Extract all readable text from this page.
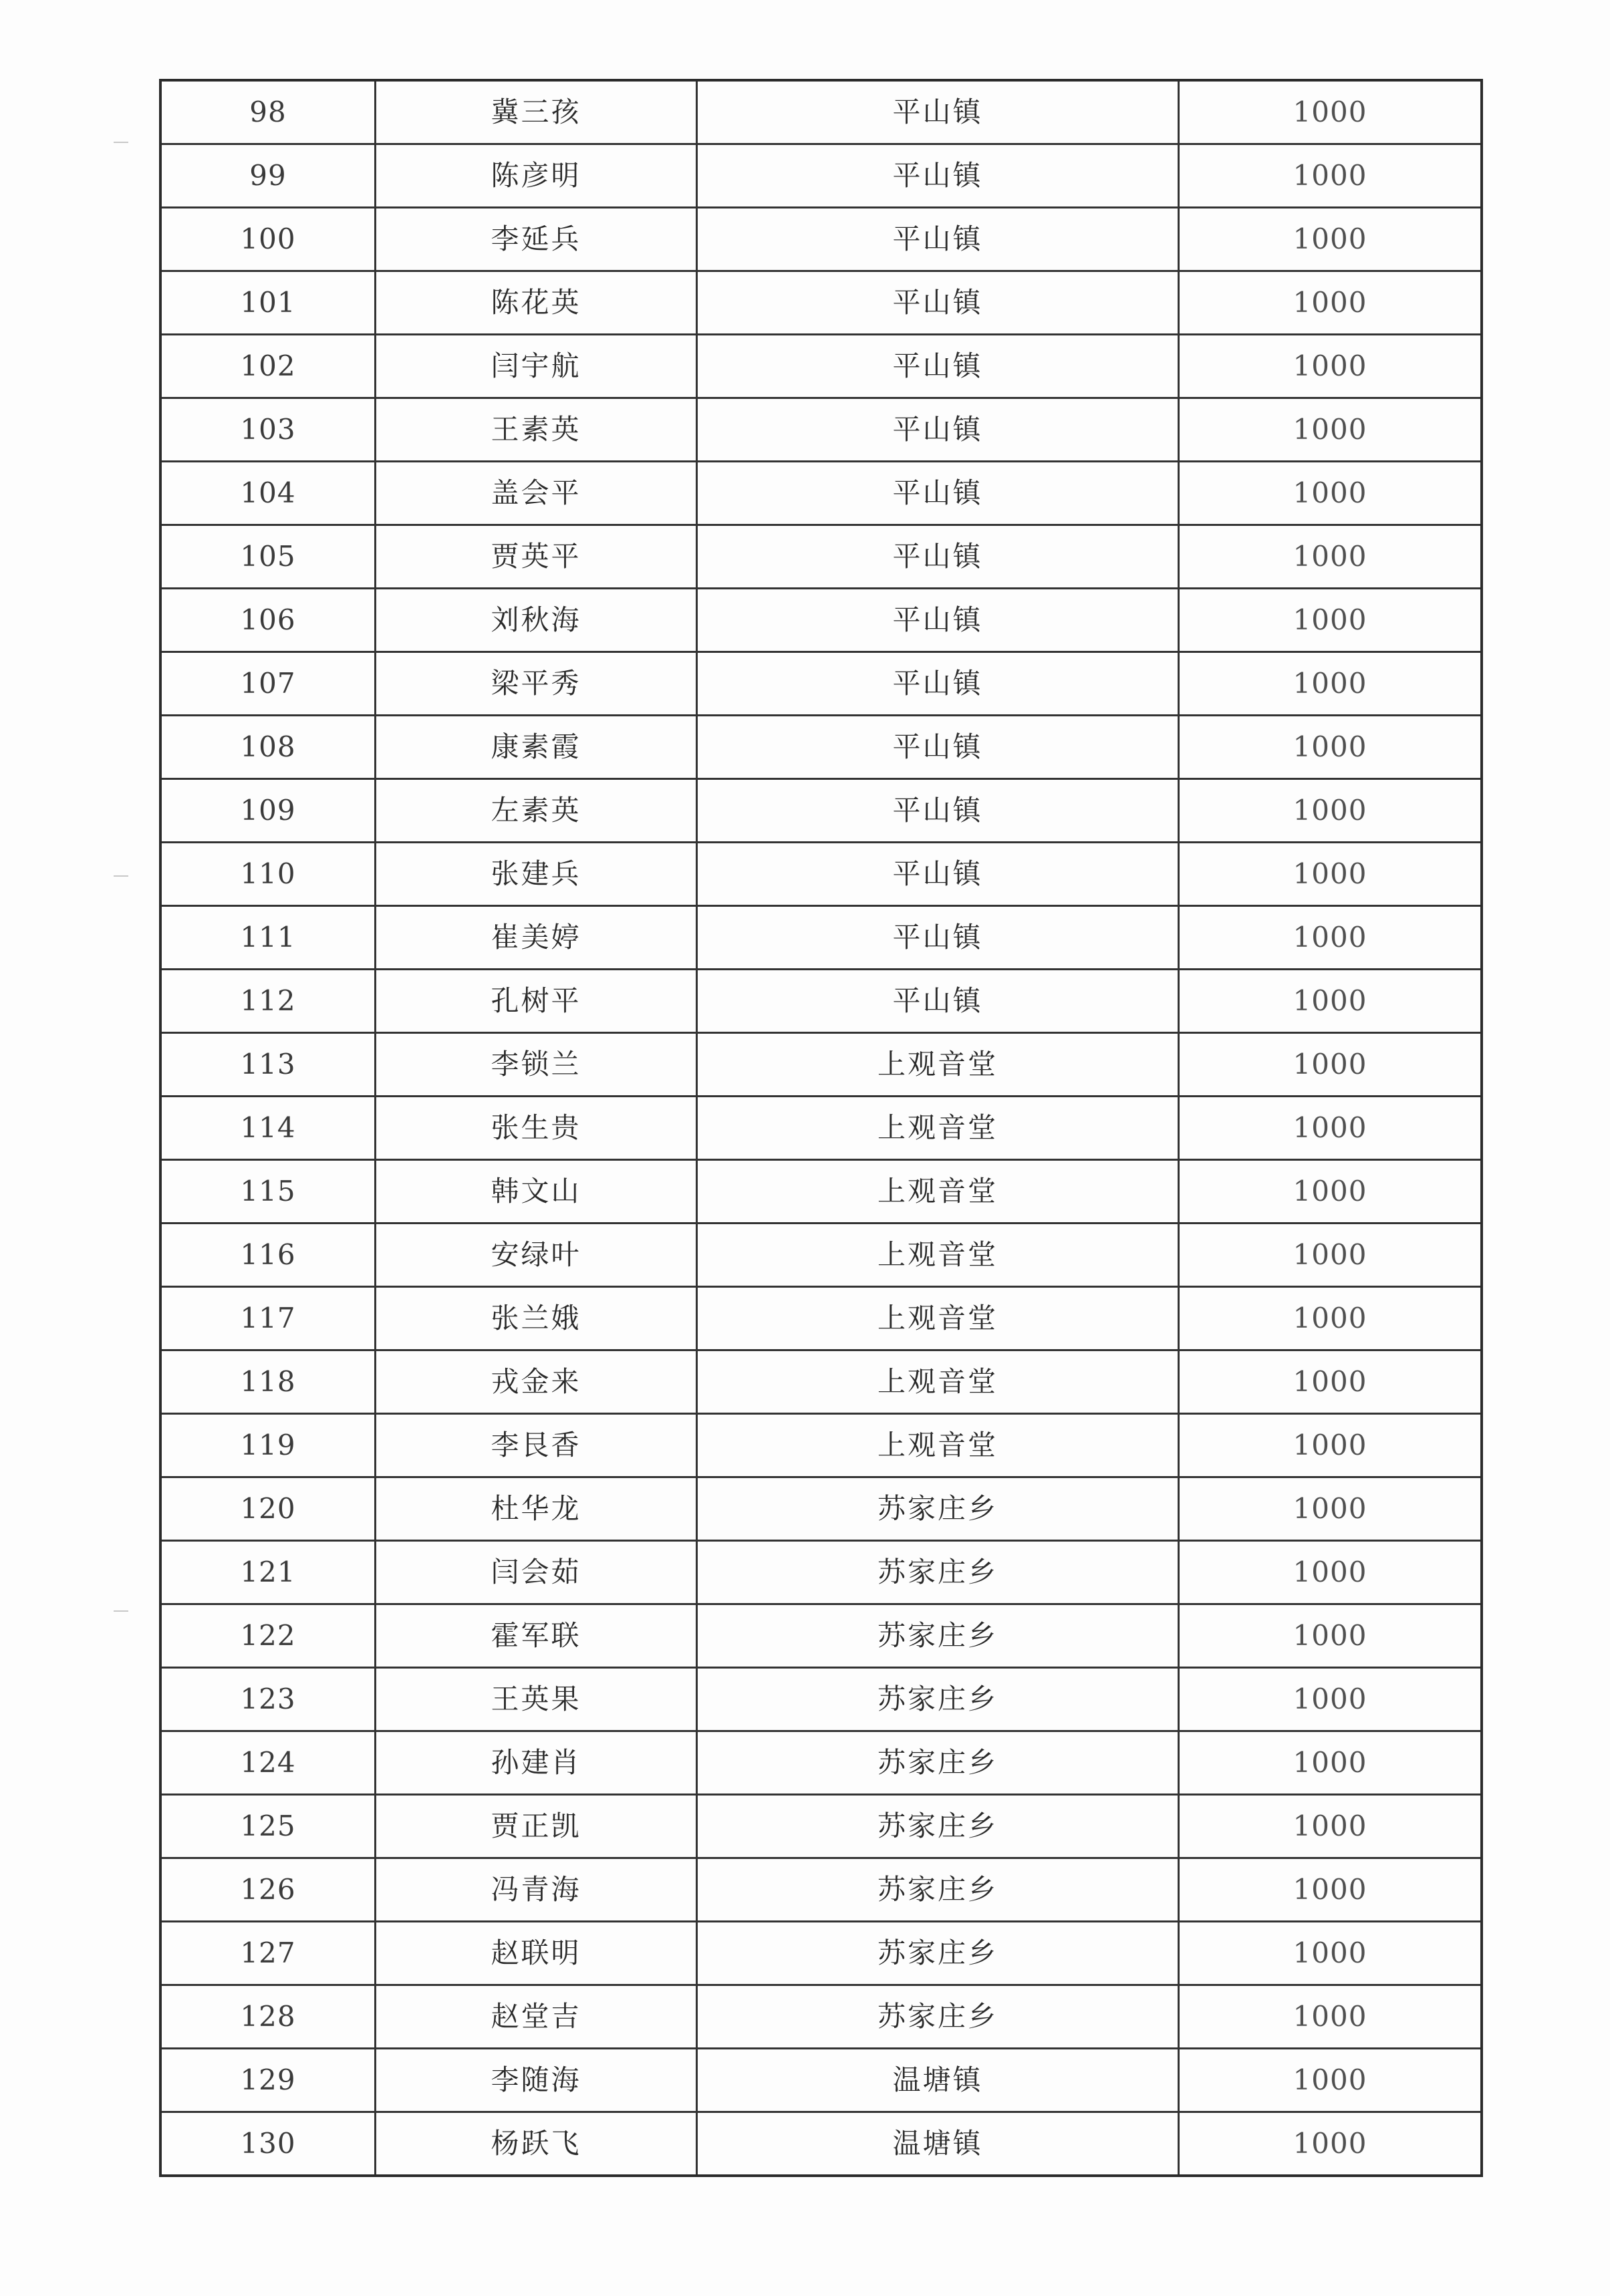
98	冀三孩	平山镇	1000
99	陈彦明	平山镇	1000
100	李延兵	平山镇	1000
101	陈花英	平山镇	1000
102	闫宇航	平山镇	1000
103	王素英	平山镇	1000
104	盖会平	平山镇	1000
105	贾英平	平山镇	1000
106	刘秋海	平山镇	1000
107	梁平秀	平山镇	1000
108	康素霞	平山镇	1000
109	左素英	平山镇	1000
110	张建兵	平山镇	1000
111	崔美婷	平山镇	1000
112	孔树平	平山镇	1000
113	李锁兰	上观音堂	1000
114	张生贵	上观音堂	1000
115	韩文山	上观音堂	1000
116	安绿叶	上观音堂	1000
117	张兰娥	上观音堂	1000
118	戎金来	上观音堂	1000
119	李艮香	上观音堂	1000
120	杜华龙	苏家庄乡	1000
121	闫会茹	苏家庄乡	1000
122	霍军联	苏家庄乡	1000
123	王英果	苏家庄乡	1000
124	孙建肖	苏家庄乡	1000
125	贾正凯	苏家庄乡	1000
126	冯青海	苏家庄乡	1000
127	赵联明	苏家庄乡	1000
128	赵堂吉	苏家庄乡	1000
129	李随海	温塘镇	1000
130	杨跃飞	温塘镇	1000
